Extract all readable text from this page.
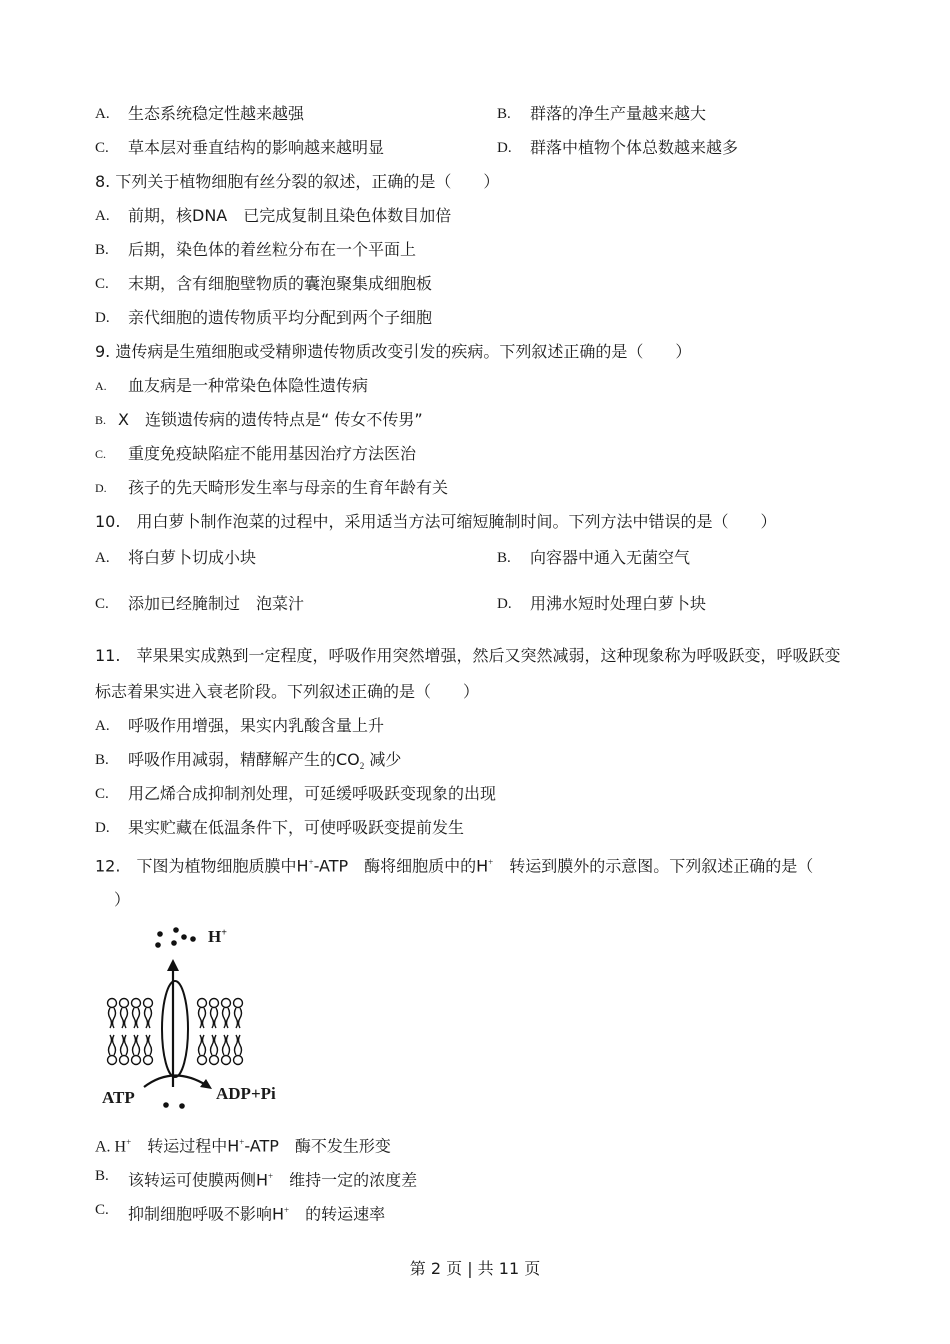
A. 生态系统稳定性越来越强	B. 群落的净生产量越来越大
C. 草本层对垂直结构的影响越来越明显	D. 群落中植物个体总数越来越多
8. 下列关于植物细胞有丝分裂的叙述，正确的是（　　）
A. 前期，核DNA　已完成复制且染色体数目加倍
B. 后期，染色体的着丝粒分布在一个平面上
C. 末期，含有细胞壁物质的囊泡聚集成细胞板
D. 亲代细胞的遗传物质平均分配到两个子细胞
9. 遗传病是生殖细胞或受精卵遗传物质改变引发的疾病。下列叙述正确的是（　　）
A. 血友病是一种常染色体隐性遗传病
B. X　连锁遗传病的遗传特点是“ 传女不传男”
C. 重度免疫缺陷症不能用基因治疗方法医治
D. 孩子的先天畸形发生率与母亲的生育年龄有关
10.　用白萝卜制作泡菜的过程中，采用适当方法可缩短腌制时间。下列方法中错误的是（　　）
A. 将白萝卜切成小块	B. 向容器中通入无菌空气
C. 添加已经腌制过　泡菜汁	D. 用沸水短时处理白萝卜块
11.　苹果果实成熟到一定程度，呼吸作用突然增强，然后又突然减弱，这种现象称为呼吸跃变，呼吸跃变
标志着果实进入衰老阶段。下列叙述正确的是（　　）
A. 呼吸作用增强，果实内乳酸含量上升
B. 呼吸作用减弱，精酵解产生的$CO_2$ 减少
C. 用乙烯合成抑制剂处理，可延缓呼吸跃变现象的出现
D. 果实贮藏在低温条件下，可使呼吸跃变提前发生
12.　下图为植物细胞质膜中H+-ATP　酶将细胞质中的H+　转运到膜外的示意图。下列叙述正确的是（
）
H+
ATP	ADP+Pi
A. H+　转运过程中H+-ATP　酶不发生形变
B. 该转运可使膜两侧H+　维持一定的浓度差
C. 抑制细胞呼吸不影响H+　的转运速率
第 2 页 | 共 11 页
